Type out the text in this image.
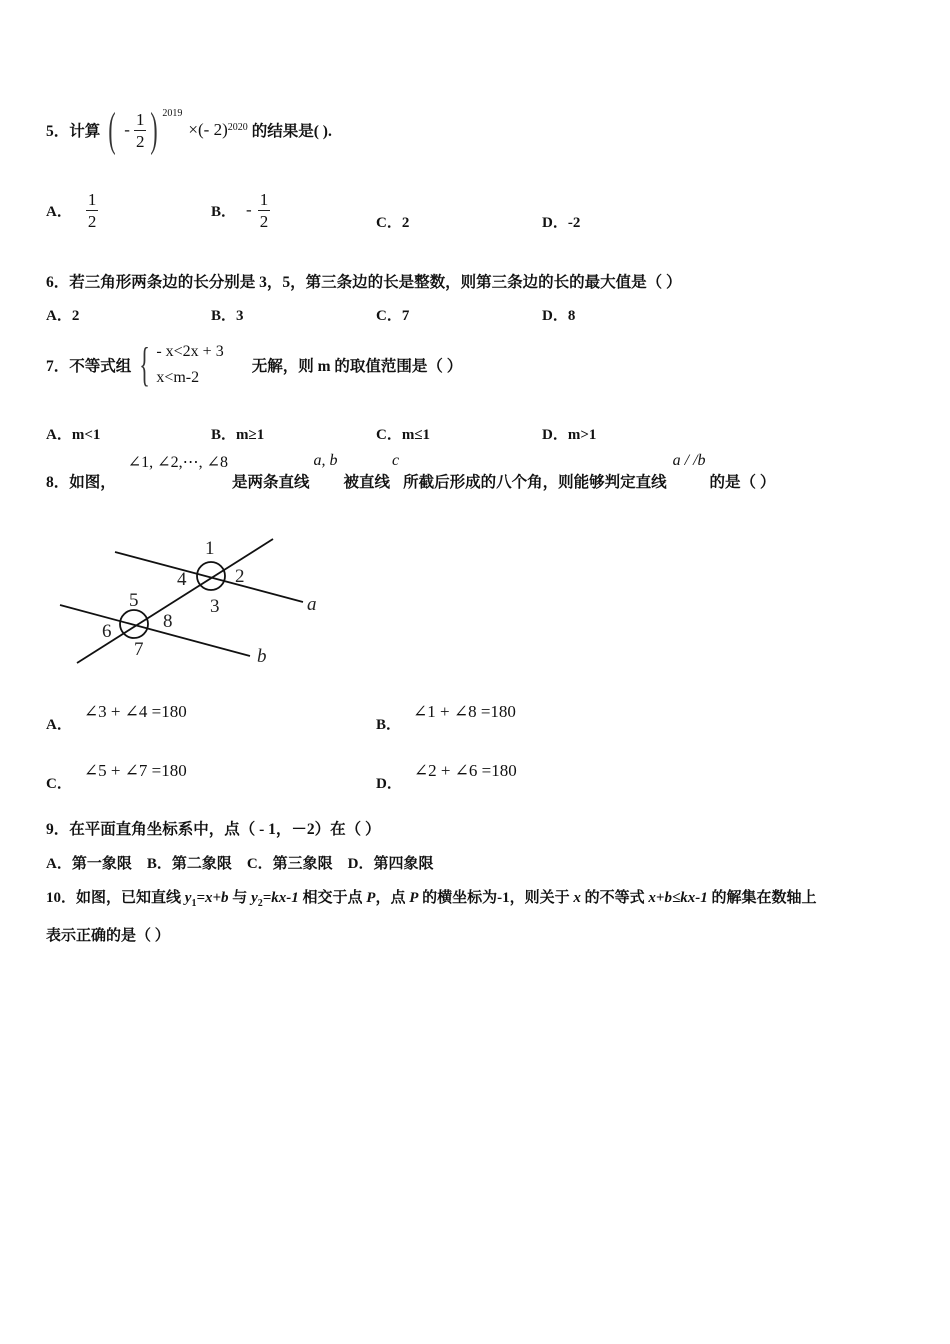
5． 计算 ( - $\frac{1}{2}$ ) 2019
× (- 2) 2020 的结果是( ).
A． $\frac{1}{2}$	B． - $\frac{1}{2}$	C．2	D．-2
6．若三角形两条边的长分别是 3，5，第三条边的长是整数，则第三条边的长的最大值是（ ）
A．2	B．3	C．7	D．8
7．不等式组 { - x<2x + 3
x<m-2
无解，则 m 的取值范围是（ ）
A．m<1	B．m≥1	C．m≤1	D．m>1
8．如图，
∠1, ∠2,⋯, ∠8
是两条直线
a, b
被直线
c
所截后形成的八个角，则能够判定直线
a / /b
的是（ ）
1
2
3
4
5
6
7
8
a
b
A．
∠3 + ∠4 =180
B．
∠1 + ∠8 =180
C．
∠5 + ∠7 =180
D．
∠2 + ∠6 =180
9．在平面直角坐标系中，点（ - 1，－2）在（ ）
A．第一象限    B．第二象限    C．第三象限    D．第四象限
10．如图，已知直线 $y_1=x+b$ 与 $y_2=kx-1$ 相交于点 P，点 P 的横坐标为-1，则关于 x 的不等式 x+b≤kx-1 的解集在数轴上
表示正确的是（ ）
